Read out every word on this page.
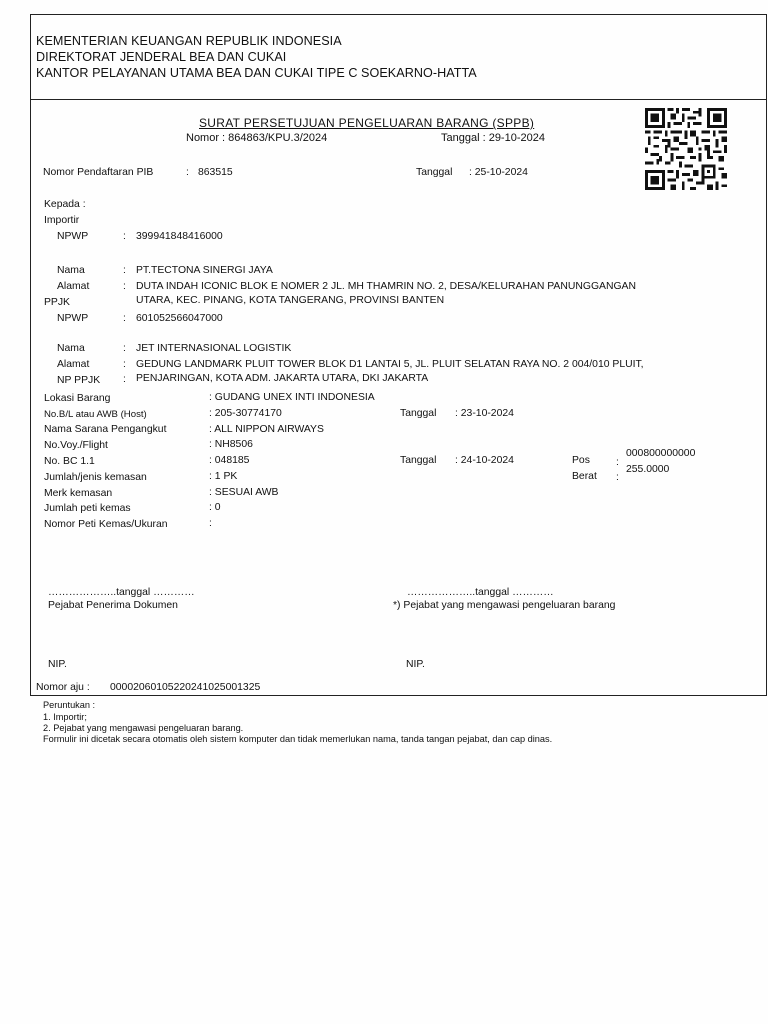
KEMENTERIAN KEUANGAN REPUBLIK INDONESIA
DIREKTORAT JENDERAL BEA DAN CUKAI
KANTOR PELAYANAN UTAMA BEA DAN CUKAI TIPE C SOEKARNO-HATTA
SURAT PERSETUJUAN PENGELUARAN BARANG (SPPB)
Nomor : 864863/KPU.3/2024	Tanggal : 29-10-2024
Nomor Pendaftaran PIB	: 863515	Tanggal : 25-10-2024
Kepada :
Importir
NPWP	: 399941848416000
Nama	: PT.TECTONA SINERGI JAYA
Alamat	: DUTA INDAH ICONIC BLOK E NOMER 2 JL. MH THAMRIN NO. 2, DESA/KELURAHAN PANUNGGANGAN
UTARA, KEC. PINANG, KOTA TANGERANG, PROVINSI BANTEN
PPJK
NPWP	: 601052566047000
Nama	: JET INTERNASIONAL LOGISTIK
Alamat	: GEDUNG LANDMARK PLUIT TOWER BLOK D1 LANTAI 5, JL. PLUIT SELATAN RAYA NO. 2 004/010 PLUIT,
NP PPJK : PENJARINGAN, KOTA ADM. JAKARTA UTARA, DKI JAKARTA
Lokasi Barang	: GUDANG UNEX INTI INDONESIA
No.B/L atau AWB (Host)	: 205-30774170	Tanggal : 23-10-2024
Nama Sarana Pengangkut	: ALL NIPPON AIRWAYS
No.Voy./Flight	: NH8506
No. BC 1.1	: 048185	Tanggal : 24-10-2024	Pos	:
000800000000
Berat :
255.0000
Jumlah/jenis kemasan	: 1 PK
Merk kemasan	: SESUAI AWB
Jumlah peti kemas	: 0
Nomor Peti Kemas/Ukuran	:
………………..tanggal …………
Pejabat Penerima Dokumen
………………..tanggal …………
*) Pejabat yang mengawasi pengeluaran barang
NIP.	NIP.
Nomor aju : 00002060105220241025001325
Peruntukan :
1. Importir;
2. Pejabat yang mengawasi pengeluaran barang.
Formulir ini dicetak secara otomatis oleh sistem komputer dan tidak memerlukan nama, tanda tangan pejabat, dan cap dinas.
